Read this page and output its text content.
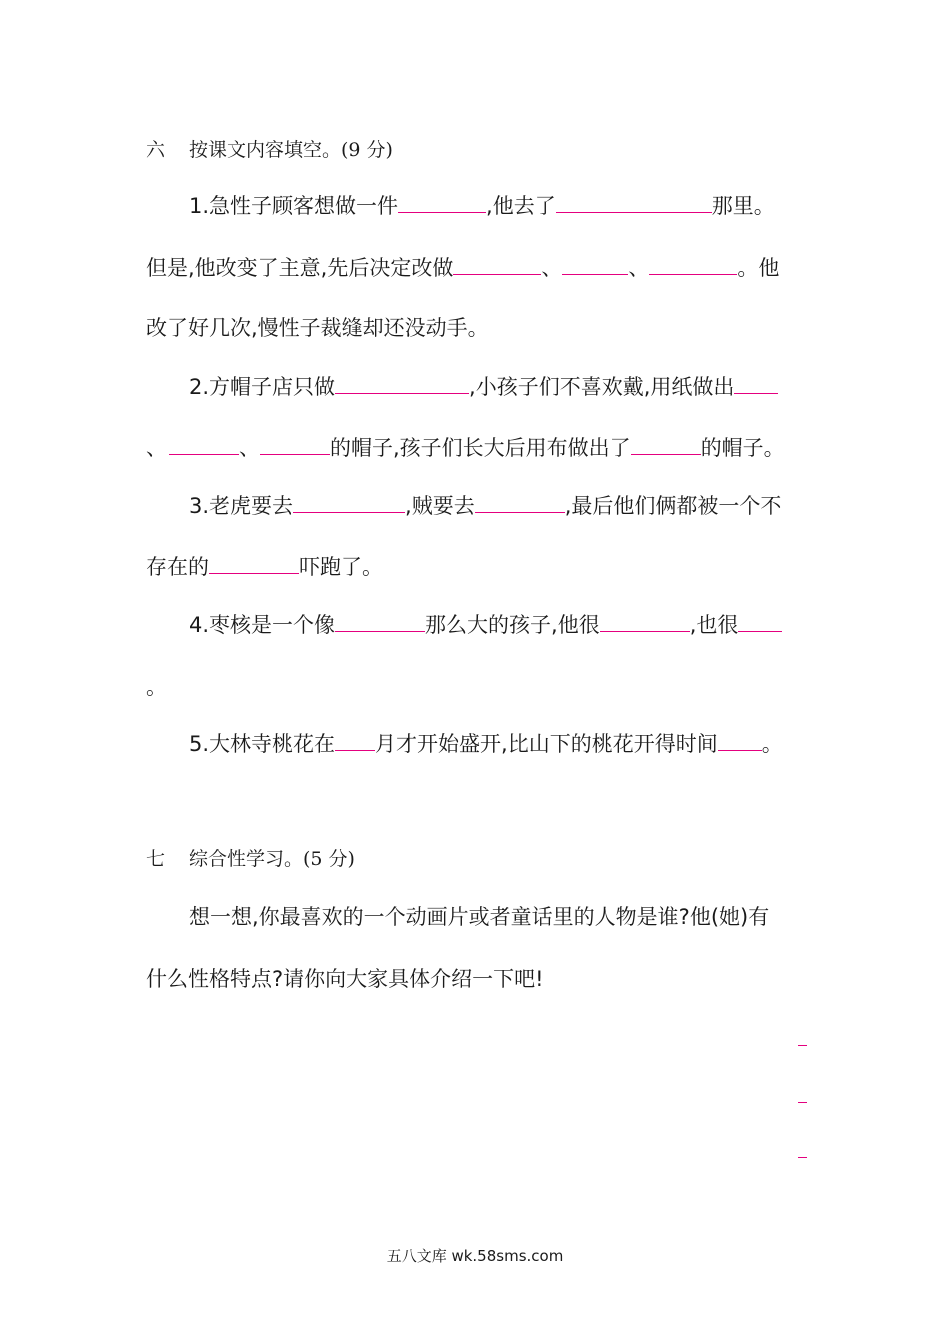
六 按课文内容填空。(9 分)
1.急性子顾客想做一件	,他去了	那里。
但是,他改变了主意,先后决定改做	、	、	。他
改了好几次,慢性子裁缝却还没动手。
2.方帽子店只做	,小孩子们不喜欢戴,用纸做出
、	、	的帽子,孩子们长大后用布做出了	的帽子。
3.老虎要去	,贼要去	,最后他们俩都被一个不
存在的	吓跑了。
4.枣核是一个像	那么大的孩子,他很	,也很
。
5.大林寺桃花在 月才开始盛开,比山下的桃花开得时间 。
七 综合性学习。(5 分)
想一想,你最喜欢的一个动画片或者童话里的人物是谁?他(她)有
什么性格特点?请你向大家具体介绍一下吧!
五八文库 wk.58sms.com
